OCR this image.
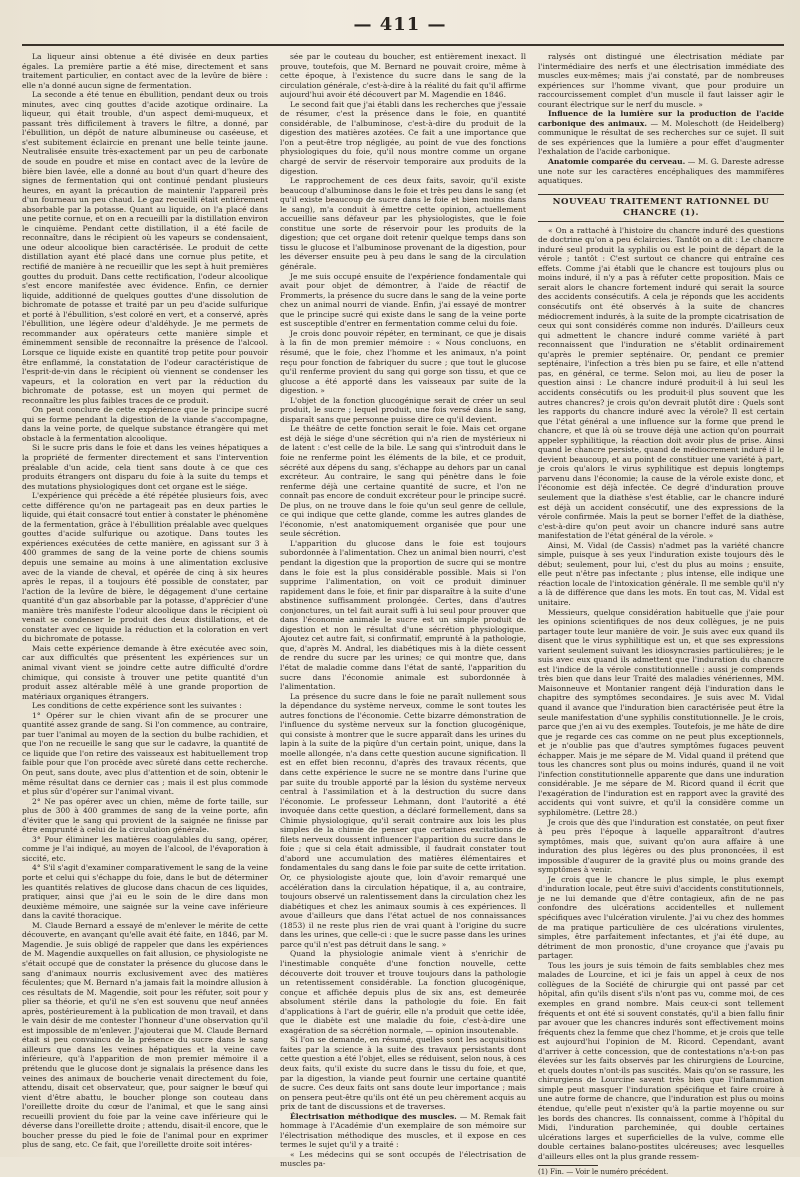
— 411 —

La liqueur ainsi obtenue a été divisée en deux parties égales. La première partie a été mise, directement et sans traitement particulier, en contact avec de la levûre de bière : elle n'a donné aucun signe de fermentation.

La seconde a été tenue en ébullition, pendant deux ou trois minutes, avec cinq gouttes d'acide azotique ordinaire. La liqueur, qui était trouble, d'un aspect demi-muqueux, et passant très difficilement à travers le filtre, a donné, par l'ébullition, un dépôt de nature albumineuse ou caséeuse, et s'est subitement éclaircie en prenant une belle teinte jaune. Neutralisée ensuite très-exactement par un peu de carbonate de soude en poudre et mise en contact avec de la levûre de bière bien lavée, elle a donné au bout d'un quart d'heure des signes de fermentation qui ont continué pendant plusieurs heures, en ayant la précaution de maintenir l'appareil près d'un fourneau un peu chaud. Le gaz recueilli était entièrement absorbable par la potasse. Quant au liquide, on l'a placé dans une petite cornue, et on en a recueilli par la distillation environ le cinquième. Pendant cette distillation, il a été facile de reconnaître, dans le récipient où les vapeurs se condensaient, une odeur alcoolique bien caractérisée. Le produit de cette distillation ayant été placé dans une cornue plus petite, et rectifié de manière à ne recueillir que les sept à huit premières gouttes du produit. Dans cette rectification, l'odeur alcoolique s'est encore manifestée avec évidence. Enfin, ce dernier liquide, additionné de quelques gouttes d'une dissolution de bichromate de potasse et traité par un peu d'acide sulfurique et porté à l'ébullition, s'est coloré en vert, et a conservé, après l'ébullition, une légère odeur d'aldéhyde. Je me permets de recommander aux opérateurs cette manière simple et éminemment sensible de reconnaître la présence de l'alcool. Lorsque ce liquide existe en quantité trop petite pour pouvoir être enflammé, la constatation de l'odeur caractéristique de l'esprit-de-vin dans le récipient où viennent se condenser les vapeurs, et la coloration en vert par la réduction du bichromate de potasse, est un moyen qui permet de reconnaître les plus faibles traces de ce produit.

On peut conclure de cette expérience que le principe sucré qui se forme pendant la digestion de la viande s'accompagne, dans la veine porte, de quelque substance étrangère qui met obstacle à la fermentation alcoolique.

Si le sucre pris dans le foie et dans les veines hépatiques a la propriété de fermenter directement et sans l'intervention préalable d'un acide, cela tient sans doute à ce que ces produits étrangers ont disparu du foie à la suite du temps et des mutations physiologiques dont cet organe est le siége.

L'expérience qui précède a été répétée plusieurs fois, avec cette différence qu'on ne partageait pas en deux parties le liquide, qui était consacré tout entier à constater le phénomène de la fermentation, grâce à l'ébullition préalable avec quelques gouttes d'acide sulfurique ou azotique. Dans toutes les expériences exécutées de cette manière, en agissant sur 3 à 400 grammes de sang de la veine porte de chiens soumis depuis une semaine au moins à une alimentation exclusive avec de la viande de cheval, et opérée de cinq à six heures après le repas, il a toujours été possible de constater, par l'action de la levûre de bière, le dégagement d'une certaine quantité d'un gaz absorbable par la potasse, d'apprécier d'une manière très manifeste l'odeur alcoolique dans le récipient où venait se condenser le produit des deux distillations, et de constater avec ce liquide la réduction et la coloration en vert du bichromate de potasse.

Mais cette expérience demande à être exécutée avec soin, car aux difficultés que présentent les expériences sur un animal vivant vient se joindre cette autre difficulté d'ordre chimique, qui consiste à trouver une petite quantité d'un produit assez altérable mêlé à une grande proportion de matériaux organiques étrangers.

Les conditions de cette expérience sont les suivantes :

1° Opérer sur le chien vivant afin de se procurer une quantité assez grande de sang. Si l'on commence, au contraire, par tuer l'animal au moyen de la section du bulbe rachidien, et que l'on ne recueille le sang que sur le cadavre, la quantité de ce liquide que l'on retire des vaisseaux est habituellement trop faible pour que l'on procède avec sûreté dans cette recherche. On peut, sans doute, avec plus d'attention et de soin, obtenir le même résultat dans ce dernier cas ; mais il est plus commode et plus sûr d'opérer sur l'animal vivant.

2° Ne pas opérer avec un chien, même de forte taille, sur plus de 300 à 400 grammes de sang de la veine porte, afin d'éviter que le sang qui provient de la saignée ne finisse par être emprunté à celui de la circulation générale.

3° Pour éliminer les matières coagulables du sang, opérer, comme je l'ai indiqué, au moyen de l'alcool, de l'évaporation à siccité, etc.

4° S'il s'agit d'examiner comparativement le sang de la veine porte et celui qui s'échappe du foie, dans le but de déterminer les quantités relatives de glucose dans chacun de ces liquides, pratiquer, ainsi que j'ai eu le soin de le dire dans mon deuxième mémoire, une saignée sur la veine cave inférieure dans la cavité thoracique.

M. Claude Bernard a essayé de m'enlever le mérite de cette découverte, en avançant qu'elle avait été faite, en 1846, par M. Magendie. Je suis obligé de rappeler que dans les expériences de M. Magendie auxquelles on fait allusion, ce physiologiste ne s'était occupé que de constater la présence du glucose dans le sang d'animaux nourris exclusivement avec des matières féculentes; que M. Bernard n'a jamais fait la moindre allusion à ces résultats de M. Magendie, soit pour les réfuter, soit pour y plier sa théorie, et qu'il ne s'en est souvenu que neuf années après, postérieurement à la publication de mon travail, et dans le vain désir de me contester l'honneur d'une observation qu'il est impossible de m'enlever. J'ajouterai que M. Claude Bernard était si peu convaincu de la présence du sucre dans le sang ailleurs que dans les veines hépatiques et la veine cave inférieure, qu'à l'apparition de mon premier mémoire il a prétendu que le glucose dont je signalais la présence dans les veines des animaux de boucherie venait directement du foie, attendu, disait cet observateur, que, pour saigner le bœuf qui vient d'être abattu, le boucher plonge son couteau dans l'oreillette droite du cœur de l'animal, et que le sang ainsi recueilli provient du foie par la veine cave inférieure qui le déverse dans l'oreillette droite ; attendu, disait-il encore, que le boucher presse du pied le foie de l'animal pour en exprimer plus de sang, etc. Ce fait, que l'oreillette droite soit intéres-

sée par le couteau du boucher, est entièrement inexact. Il prouve, toutefois, que M. Bernard ne pouvait croire, même à cette époque, à l'existence du sucre dans le sang de la circulation générale, c'est-à-dire à la réalité du fait qu'il affirme aujourd'hui avoir été découvert par M. Magendie en 1846.

Le second fait que j'ai établi dans les recherches que j'essaie de résumer, c'est la présence dans le foie, en quantité considérable, de l'albuminose, c'est-à-dire du produit de la digestion des matières azotées. Ce fait a une importance que l'on a peut-être trop négligée, au point de vue des fonctions physiologiques du foie, qu'il nous montre comme un organe chargé de servir de réservoir temporaire aux produits de la digestion.

Le rapprochement de ces deux faits, savoir, qu'il existe beaucoup d'albuminose dans le foie et très peu dans le sang (et qu'il existe beaucoup de sucre dans le foie et bien moins dans le sang), m'a conduit à émettre cette opinion, actuellement accueillie sans défaveur par les physiologistes, que le foie constitue une sorte de réservoir pour les produits de la digestion; que cet organe doit retenir quelque temps dans son tissu le glucose et l'albuminose provenant de la digestion, pour les déverser ensuite peu à peu dans le sang de la circulation générale.

Je me suis occupé ensuite de l'expérience fondamentale qui avait pour objet de démontrer, à l'aide de réactif de Frommerts, la présence du sucre dans le sang de la veine porte chez un animal nourri de viande. Enfin, j'ai essayé de montrer que le principe sucré qui existe dans le sang de la veine porte est susceptible d'entrer en fermentation comme celui du foie.

Je crois donc pouvoir répéter, en terminant, ce que je disais à la fin de mon premier mémoire : « Nous concluons, en résumé, que le foie, chez l'homme et les animaux, n'a point reçu pour fonction de fabriquer du sucre ; que tout le glucose qu'il renferme provient du sang qui gorge son tissu, et que ce glucose a été apporté dans les vaisseaux par suite de la digestion. »

L'objet de la fonction glucogénique serait de créer un seul produit, le sucre ; lequel produit, une fois versé dans le sang, disparaît sans que personne puisse dire ce qu'il devient.

Le théâtre de cette fonction serait le foie. Mais cet organe est déjà le siége d'une sécrétion qui n'a rien de mystérieux ni de latent : c'est celle de la bile. Le sang qui s'introduit dans le foie ne renferme point les éléments de la bile, et ce produit, sécrété aux dépens du sang, s'échappe au dehors par un canal excréteur. Au contraire, le sang qui pénètre dans le foie renferme déjà une certaine quantité de sucre, et l'on ne connaît pas encore de conduit excréteur pour le principe sucré. De plus, on ne trouve dans le foie qu'un seul genre de cellule, ce qui indique que cette glande, comme les autres glandes de l'économie, n'est anatomiquement organisée que pour une seule sécrétion.

L'apparition du glucose dans le foie est toujours subordonnée à l'alimentation. Chez un animal bien nourri, c'est pendant la digestion que la proportion de sucre qui se montre dans le foie est la plus considérable possible. Mais si l'on supprime l'alimentation, on voit ce produit diminuer rapidement dans le foie, et finir par disparaître à la suite d'une abstinence suffisamment prolongée. Certes, dans d'autres conjonctures, un tel fait aurait suffi à lui seul pour prouver que dans l'économie animale le sucre est un simple produit de digestion et non le résultat d'une sécrétion physiologique. Ajoutez cet autre fait, si confirmatif, emprunté à la pathologie, que, d'après M. Andral, les diabétiques mis à la diète cessent de rendre du sucre par les urines; ce qui montre que, dans l'état de maladie comme dans l'état de santé, l'apparition du sucre dans l'économie animale est subordonnée à l'alimentation.

La présence du sucre dans le foie ne paraît nullement sous la dépendance du système nerveux, comme le sont toutes les autres fonctions de l'économie. Cette bizarre démonstration de l'influence du système nerveux sur la fonction glucogénique, qui consiste à montrer que le sucre apparaît dans les urines du lapin à la suite de la piqûre d'un certain point, unique, dans la moelle allongée, n'a dans cette question aucune signification. Il est en effet bien reconnu, d'après des travaux récents, que dans cette expérience le sucre ne se montre dans l'urine que par suite du trouble apporté par la lésion du système nerveux central à l'assimilation et à la destruction du sucre dans l'économie. Le professeur Lehmann, dont l'autorité a été invoquée dans cette question, a déclaré formellement, dans sa Chimie physiologique, qu'il serait contraire aux lois les plus simples de la chimie de penser que certaines excitations de filets nerveux doussent influencer l'apparition du sucre dans le foie ; que si cela était admissible, il faudrait constater tout d'abord une accumulation des matières élémentaires et fondamentales du sang dans le foie par suite de cette irritation. Or, ce physiologiste ajoute que, loin d'avoir remarqué une accélération dans la circulation hépatique, il a, au contraire, toujours observé un ralentissement dans la circulation chez les diabétiques et chez les animaux soumis à ces expériences. Il avoue d'ailleurs que dans l'état actuel de nos connaissances (1853) il ne reste plus rien de vrai quant à l'origine du sucre dans les urines, que celle-ci : que le sucre passe dans les urines parce qu'il n'est pas détruit dans le sang. »

Quand la physiologie animale vient à s'enrichir de l'inestimable conquête d'une fonction nouvelle, cette découverte doit trouver et trouve toujours dans la pathologie un retentissement considérable. La fonction glucogénique, conçue et affichée depuis plus de six ans, est demeurée absolument stérile dans la pathologie du foie. En fait d'applications à l'art de guérir, elle n'a produit que cette idée, que le diabète est une maladie du foie, c'est-à-dire une exagération de sa sécrétion normale, — opinion insoutenable.

Si l'on se demande, en résumé, quelles sont les acquisitions faites par la science à la suite des travaux persistants dont cette question a été l'objet, elles se réduisent, selon nous, à ces deux faits, qu'il existe du sucre dans le tissu du foie, et que, par la digestion, la viande peut fournir une certaine quantité de sucre. Ces deux faits ont sans doute leur importance ; mais on pensera peut-être qu'ils ont été un peu chèrement acquis au prix de tant de discussions et de traverses.

Électrisation méthodique des muscles. — M. Remak fait hommage à l'Académie d'un exemplaire de son mémoire sur l'électrisation méthodique des muscles, et il expose en ces termes le sujet qu'il y a traité :

« Les médecins qui se sont occupés de l'électrisation de muscles pa-

ralysés ont distingué une électrisation médiate par l'intermédiaire des nerfs et une électrisation immédiate des muscles eux-mêmes; mais j'ai constaté, par de nombreuses expériences sur l'homme vivant, que pour produire un raccourcissement complet d'un muscle il faut laisser agir le courant électrique sur le nerf du muscle. »

Influence de la lumière sur la production de l'acide carbonique des animaux. — M. Moleschott (de Heidelberg) communique le résultat de ses recherches sur ce sujet. Il suit de ses expériences que la lumière a pour effet d'augmenter l'exhalation de l'acide carbonique.

Anatomie comparée du cerveau. — M. G. Dareste adresse une note sur les caractères encéphaliques des mammifères aquatiques.

NOUVEAU TRAITEMENT RATIONNEL DU CHANCRE (1).

« On a rattaché à l'histoire du chancre induré des questions de doctrine qu'on a peu éclaircies. Tantôt on a dit : Le chancre induré seul produit la syphilis ou est le point de départ de la vérole ; tantôt : C'est surtout ce chancre qui entraîne ces effets. Comme j'ai établi que le chancre est toujours plus ou moins induré, il n'y a pas à réfuter cette proposition. Mais ce serait alors le chancre fortement induré qui serait la source des accidents consécutifs. A cela je réponds que les accidents consécutifs ont été observés à la suite de chancres médiocrement indurés, à la suite de la prompte cicatrisation de ceux qui sont considérés comme non indurés. D'ailleurs ceux qui admettent le chancre induré comme variété à part reconnaissent que l'induration ne s'établit ordinairement qu'après le premier septénaire. Or, pendant ce premier septénaire, l'infection a très bien pu se faire, et elle n'attend pas, en général, ce terme. Selon moi, au lieu de poser la question ainsi : Le chancre induré produit-il à lui seul les accidents consécutifs ou les produit-il plus souvent que les autres chancres? je crois qu'on devrait plutôt dire : Quels sont les rapports du chancre induré avec la vérole? Il est certain que l'état général a une influence sur la forme que prend le chancre, et que là où se trouve déjà une action qu'on pourrait appeler syphilitique, la réaction doit avoir plus de prise. Ainsi quand le chancre persiste, quand de médiocrement induré il le devient beaucoup, et au point de constituer une variété à part, je crois qu'alors le virus syphilitique est depuis longtemps parvenu dans l'économie; la cause de la vérole existe donc, et l'économie est déjà infectée. Ce degré d'induration prouve seulement que la diathèse s'est établie, car le chancre induré est déjà un accident consécutif, une des expressions de la vérole confirmée. Mais la peut se borner l'effet de la diathèse, c'est-à-dire qu'on peut avoir un chancre induré sans autre manifestation de l'état général de la vérole. »

Ainsi, M. Vidal (de Cassis) n'admet pas la variété chancre simple, puisque à ses yeux l'induration existe toujours dès le début; seulement, pour lui, c'est du plus au moins ; ensuite, elle peut n'être pas infectante ; plus intense, elle indique une réaction locale de l'intoxication générale. Il me semble qu'il n'y a là de différence que dans les mots. En tout cas, M. Vidal est unitaire.

Messieurs, quelque considération habituelle que j'aie pour les opinions scientifiques de nos deux collègues, je ne puis partager toute leur manière de voir. Je suis avec eux quand ils disent que le virus syphilitique est un, et que ses expressions varient seulement suivant les idiosyncrasies particulières; je le suis avec eux quand ils admettent que l'induration du chancre est l'indice de la vérole constitutionnelle : aussi je comprends très bien que dans leur Traité des maladies vénériennes, MM. Maisonneuve et Montanier rangent déjà l'induration dans le chapitre des symptômes secondaires. Je suis avec M. Vidal quand il avance que l'induration bien caractérisée peut être la seule manifestation d'une syphilis constitutionnelle. Je le crois, parce que j'en ai vu des exemples. Toutefois, je me hâte de dire que je regarde ces cas comme on ne peut plus exceptionnels, et je n'oublie pas que d'autres symptômes fugaces peuvent échapper. Mais je me sépare de M. Vidal quand il prétend que tous les chancres sont plus ou moins indurés, quand il ne voit l'infection constitutionnelle apparente que dans une induration considérable. Je me sépare de M. Ricord quand il écrit que l'exagération de l'induration est en rapport avec la gravité des accidents qui vont suivre, et qu'il la considère comme un syphilomètre. (Lettre 28.)

Je crois que dès que l'induration est constatée, on peut fixer à peu près l'époque à laquelle apparaîtront d'autres symptômes, mais que, suivant qu'on aura affaire à une induration des plus légères ou des plus prononcées, il est impossible d'augurer de la gravité plus ou moins grande des symptômes à venir.

Je crois que le chancre le plus simple, le plus exempt d'induration locale, peut être suivi d'accidents constitutionnels, je ne lui demande que d'être contagieux, afin de ne pas confondre des ulcérations accidentelles et nullement spécifiques avec l'ulcération virulente. J'ai vu chez des hommes de ma pratique particulière de ces ulcérations virulentes, simples, être parfaitement infectantes, et j'ai été dupe, au détriment de mon pronostic, d'une croyance que j'avais pu partager.

Tous les jours je suis témoin de faits semblables chez mes malades de Lourcine, et ici je fais un appel à ceux de nos collègues de la Société de chirurgie qui ont passé par cet hôpital, afin qu'ils disent s'ils n'ont pas vu, comme moi, de ces exemples en grand nombre. Mais ceux-ci sont tellement fréquents et ont été si souvent constatés, qu'il a bien fallu finir par avouer que les chancres indurés sont effectivement moins fréquents chez la femme que chez l'homme, et je crois que telle est aujourd'hui l'opinion de M. Ricord. Cependant, avant d'arriver à cette concession, que de contestations n'a-t-on pas élevées sur les faits observés par les chirurgiens de Lourcine, et quels doutes n'ont-ils pas suscités. Mais qu'on se rassure, les chirurgiens de Lourcine savent très bien que l'inflammation simple peut masquer l'induration spécifique et faire croire à une autre forme de chancre, que l'induration est plus ou moins étendue, qu'elle peut n'exister qu'à la partie moyenne ou sur les bords des chancres. Ils connaissent, comme à l'hôpital du Midi, l'induration parcheminée, qui double certaines ulcérations larges et superficielles de la vulve, comme elle double certaines balano-postites ulcéreuses; avec lesquelles d'ailleurs elles ont la plus grande ressem-

(1) Fin. — Voir le numéro précédent.
